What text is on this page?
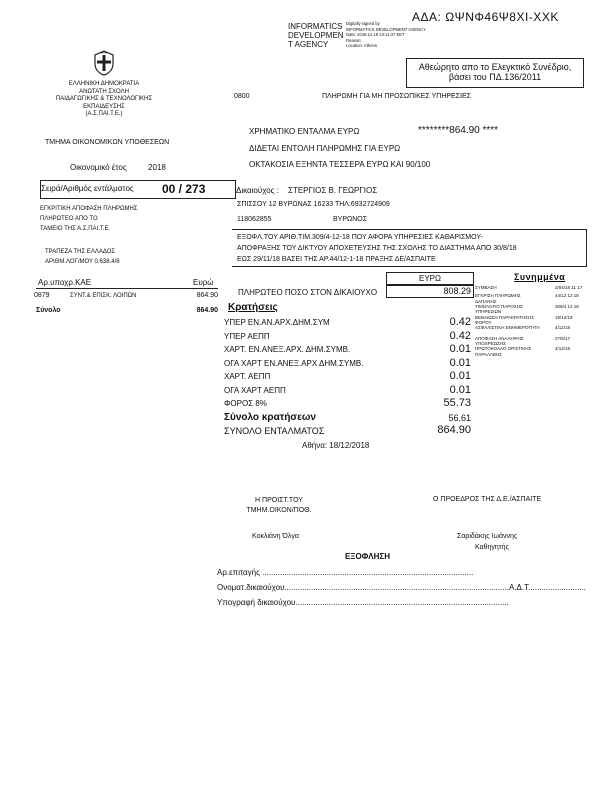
ΑΔΑ: ΩΨΝΦ46Ψ8ΧΙ-ΧΧΚ
INFORMATICS
DEVELOPMEN
T AGENCY
Digitally signed by
INFORMATICS DEVELOPMENT AGENCY
Date: 2018.12.18 13:11:37 EET
Reason:
Location: Athens
Αθεώρητο απο το Ελεγκτικό Συνέδριο,
βάσει του ΠΔ.136/2011
ΕΛΛΗΝΙΚΗ ΔΗΜΟΚΡΑΤΙΑ
ΑΝΩΤΑΤΗ ΣΧΟΛΗ
ΠΑΙΔΑΓΩΓΙΚΗΣ & ΤΕΧΝΟΛΟΓΙΚΗΣ
ΕΚΠΑΙΔΕΥΣΗΣ
(Α.Σ.ΠΑΙ.Τ.Ε.)
0800	ΠΛΗΡΩΜΗ ΓΙΑ ΜΗ ΠΡΟΣΩΠΙΚΕΣ ΥΠΗΡΕΣΙΕΣ
ΤΜΗΜΑ ΟΙΚΟΝΟΜΙΚΩΝ ΥΠΟΘΕΣΕΩΝ
ΧΡΗΜΑΤΙΚΟ ΕΝΤΑΛΜΑ ΕΥΡΩ	********864.90 ****
ΔΙΔΕΤΑΙ ΕΝΤΟΛΗ ΠΛΗΡΩΜΗΣ ΓΙΑ ΕΥΡΩ
ΟΚΤΑΚΟΣΙΑ ΕΞΗΝΤΑ ΤΕΣΣΕΡΑ ΕΥΡΩ ΚΑΙ 90/100
Οικονομικό έτος	2018
Σειρά/Αριθμός εντάλματος 00 / 273	Δικαιούχος : ΣΤΕΡΓΙΟΣ Β. ΓΕΩΡΓΙΟΣ
ΣΠΙΣΣΟΥ 12 ΒΥΡΩΝΑΣ 16233 ΤΗΛ:6932724909
118062855	ΒΥΡΩΝΟΣ
ΕΓΚΡΙΤΙΚΗ ΑΠΟΦΑΣΗ ΠΛΗΡΩΜΗΣ
ΠΛΗΡΩΤΕΟ ΑΠΟ ΤΟ
ΤΑΜΕΙΟ ΤΗΣ Α.Σ.ΠΑΙ.Τ.Ε.
ΤΡΑΠΕΖΑ ΤΗΣ ΕΛΛΑΔΟΣ
ΑΡΙΘΜ.ΛΟΓ/ΜΟΥ 0.638.4/8
ΕΞΟΦΛ.ΤΟΥ ΑΡΙΘ.ΤΙΜ.309/4-12-18 ΠΟΥ ΑΦΟΡΑ ΥΠΗΡΕΣΙΕΣ ΚΑΘΑΡΙΣΜΟΥ-
ΑΠΟΦΡΑΞΗΣ ΤΟΥ ΔΙΚΤΥΟΥ ΑΠΟΧΕΤΕΥΣΗΣ ΤΗΣ ΣΧΟΛΗΣ ΤΟ ΔΙΑΣΤΗΜΑ ΑΠΟ 30/8/18
ΕΩΣ 29/11/18 ΒΑΣΕΙ ΤΗΣ ΑΡ.44/12-1-18 ΠΡΑΞΗΣ ΔΕ/ΑΣΠΑΙΤΕ
Αρ.υποχρ.ΚΑΕ	Ευρώ
0879	ΣΥΝΤ.& ΕΠΙΣΚ. ΛΟΙΠΩΝ	864.90
Σύνολο	864.90
ΕΥΡΩ
ΠΛΗΡΩΤΕΟ ΠΟΣΟ ΣΤΟΝ ΔΙΚΑΙΟΥΧΟ	808.29
Κρατήσεις
ΥΠΕΡ ΕΝ.ΑΝ.ΑΡΧ.ΔΗΜ.ΣΥΜ	0.42
ΥΠΕΡ ΑΕΠΠ	0.42
ΧΑΡΤ. ΕΝ.ΑΝΕΞ.ΑΡΧ. ΔΗΜ.ΣΥΜΒ.	0.01
ΟΓΑ ΧΑΡΤ ΕΝ.ΑΝΕΞ.ΑΡΧ ΔΗΜ.ΣΥΜΒ.	0.01
ΧΑΡΤ. ΑΕΠΠ	0.01
ΟΓΑ ΧΑΡΤ ΑΕΠΠ	0.01
ΦΟΡΟΣ 8%	55.73
Σύνολο κρατήσεων	56.61
ΣΥΝΟΛΟ ΕΝΤΑΛΜΑΤΟΣ	864.90
Αθήνα: 18/12/2018
Συνημμένα
ΣΥΜΒΑΣΗ	2/04/18 11 17
ΕΓΚΡΙΣΗ ΠΛΗΡΩΜΗΣ ΔΑΠΑΝΗΣ
44/12 12 18
ΤΙΜΟΛΟΓΙΟ ΠΑΡΟΧΗΣ ΥΠΗΡΕΣΙΩΝ
309/4 12 18
ΒΕΒΑΙΩΣΗ ΠΑΡΑΚΡΑΤΗΣΗΣ ΦΟΡΟΥ
18/12/18
ΑΣΦΑΛΙΣΤΙΚΗ ΕΝΗΜΕΡΟΤΗΤΑ	4/12/18
ΑΠΟΦΑΣΗ ΑΝΑΛΗΨΗΣ ΥΠΟΧΡΕΩΣΗΣ
27/6/17
ΠΡΩΤΟΚΟΛΛΟ ΟΡΙΣΤΙΚΗΣ ΠΑΡΑΛΑΒΗΣ
4/12/18
Η ΠΡΟΙΣΤ.ΤΟΥ
ΤΜΗΜ.ΟΙΚΟΝ/ΠΟΘ.
Κοκλιάνη Όλγα
Ο ΠΡΟΕΔΡΟΣ ΤΗΣ Δ.Ε./ΑΣΠΑΙΤΕ
Σαριδάκης Ιωάννης
Καθηγητής
ΕΞΟΦΛΗΣΗ
Αρ.επιταγής ...............................................................................................
Ονοματ.δικαιούχου.....................................................................................................Α.Δ.Τ..........................
Υπογραφή δικαιούχου................................................................................................
